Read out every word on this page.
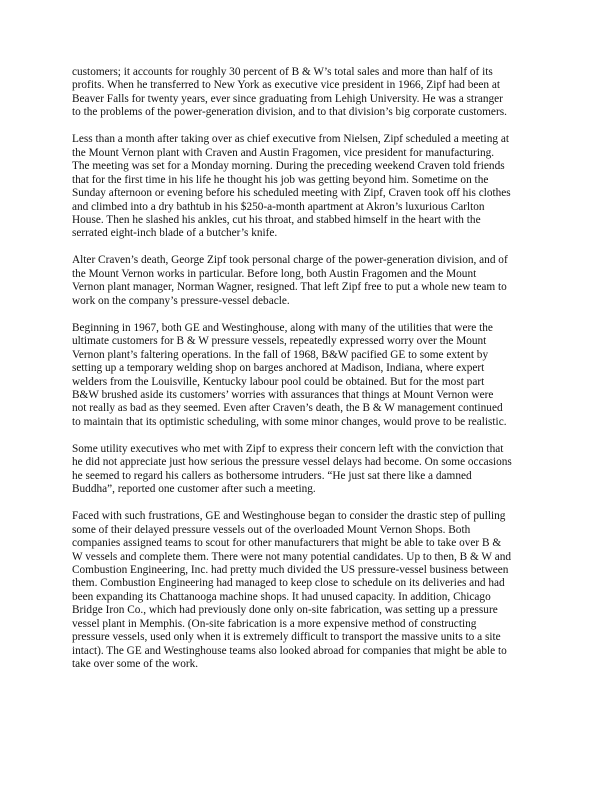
customers; it accounts for roughly 30 percent of B & W’s total sales and more than half of its
profits. When he transferred to New York as executive vice president in 1966, Zipf had been at
Beaver Falls for twenty years, ever since graduating from Lehigh University. He was a stranger
to the problems of the power-generation division, and to that division’s big corporate customers.

Less than a month after taking over as chief executive from Nielsen, Zipf scheduled a meeting at
the Mount Vernon plant with Craven and Austin Fragomen, vice president for manufacturing.
The meeting was set for a Monday morning. During the preceding weekend Craven told friends
that for the first time in his life he thought his job was getting beyond him. Sometime on the
Sunday afternoon or evening before his scheduled meeting with Zipf, Craven took off his clothes
and climbed into a dry bathtub in his $250-a-month apartment at Akron’s luxurious Carlton
House. Then he slashed his ankles, cut his throat, and stabbed himself in the heart with the
serrated eight-inch blade of a butcher’s knife.

Alter Craven’s death, George Zipf took personal charge of the power-generation division, and of
the Mount Vernon works in particular. Before long, both Austin Fragomen and the Mount
Vernon plant manager, Norman Wagner, resigned. That left Zipf free to put a whole new team to
work on the company’s pressure-vessel debacle.

Beginning in 1967, both GE and Westinghouse, along with many of the utilities that were the
ultimate customers for B & W pressure vessels, repeatedly expressed worry over the Mount
Vernon plant’s faltering operations. In the fall of 1968, B&W pacified GE to some extent by
setting up a temporary welding shop on barges anchored at Madison, Indiana, where expert
welders from the Louisville, Kentucky labour pool could be obtained. But for the most part
B&W brushed aside its customers’ worries with assurances that things at Mount Vernon were
not really as bad as they seemed. Even after Craven’s death, the B & W management continued
to maintain that its optimistic scheduling, with some minor changes, would prove to be realistic.

Some utility executives who met with Zipf to express their concern left with the conviction that
he did not appreciate just how serious the pressure vessel delays had become. On some occasions
he seemed to regard his callers as bothersome intruders. “He just sat there like a damned
Buddha”, reported one customer after such a meeting.

Faced with such frustrations, GE and Westinghouse began to consider the drastic step of pulling
some of their delayed pressure vessels out of the overloaded Mount Vernon Shops. Both
companies assigned teams to scout for other manufacturers that might be able to take over B &
W vessels and complete them. There were not many potential candidates. Up to then, B & W and
Combustion Engineering, Inc. had pretty much divided the US pressure-vessel business between
them. Combustion Engineering had managed to keep close to schedule on its deliveries and had
been expanding its Chattanooga machine shops. It had unused capacity. In addition, Chicago
Bridge Iron Co., which had previously done only on-site fabrication, was setting up a pressure
vessel plant in Memphis. (On-site fabrication is a more expensive method of constructing
pressure vessels, used only when it is extremely difficult to transport the massive units to a site
intact). The GE and Westinghouse teams also looked abroad for companies that might be able to
take over some of the work.
